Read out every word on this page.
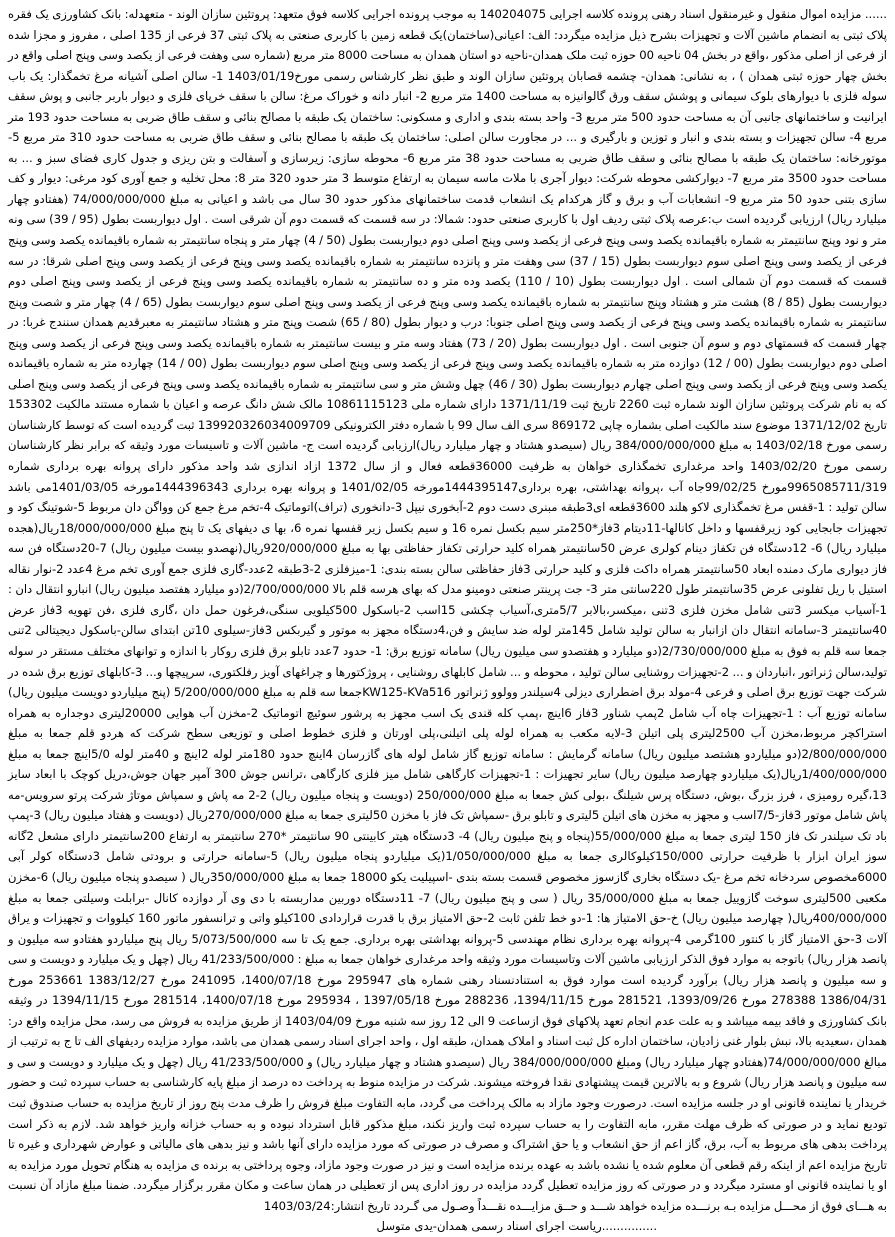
...... مزایده اموال منقول و غیرمنقول اسناد رهنی پرونده کلاسه اجرایی 140204075 به موجب پرونده اجرایی کلاسه فوق متعهد: پروتئین سازان الوند - متعهدله: بانک کشاورزی یک فقره پلاک ثبتی به انضمام ماشین آلات و تجهیزات بشرح ذیل مزایده میگردد: الف: اعیانی(ساختمان)یک قطعه زمین با کاربری صنعتی به پلاک ثبتی 37 فرعی از 135 اصلی ، مفروز و مجزا شده از فرعی از اصلی مذکور ،واقع در بخش 04 ناحیه 00 حوزه ثبت ملک همدان-ناحیه دو استان همدان به مساحت 8000 متر مربع (شماره سی وهفت فرعی از یکصد وسی وپنج اصلی واقع در بخش چهار حوزه ثبتی همدان ) ، به نشانی: همدان- چشمه قصابان پروتئین سازان الوند و طبق نظر کارشناس رسمی مورخ1403/01/19 1- سالن اصلی آشیانه مرغ تخمگذار: یک باب سوله فلزی با دیوارهای بلوک سیمانی و پوشش سقف ورق گالوانیزه به مساحت 1400 متر مربع 2- انبار دانه و خوراک مرغ: سالن با سقف خرپای فلزی و دیوار باربر جانبی و پوش سقف ایرانیت و ساختمانهای جانبی آن به مساحت حدود 500 متر مربع 3- واحد بسته بندی و اداری و مسکونی: ساختمان یک طبقه با مصالح بنائی و سقف طاق ضربی به مساحت حدود 193 متر مربع 4- سالن تجهیزات و بسته بندی و انبار و توزین و بارگیری و ... در مجاورت سالن اصلی: ساختمان یک طبقه با مصالح بنائی و سقف طاق ضربی به مساحت حدود 310 متر مربع 5- موتورخانه: ساختمان یک طبقه با مصالح بنائی و سقف طاق ضربی به مساحت حدود 38 متر مربع 6- محوطه سازی: زیرسازی و آسفالت و بتن ریزی و جدول کاری فضای سبز و ... به مساحت حدود 3500 متر مربع 7- دیوارکشی محوطه شرکت: دیوار آجری با ملات ماسه سیمان به ارتفاع متوسط 3 متر حدود 320 متر 8: محل تخلیه و جمع آوری کود مرغی: دیوار و کف سازی بتنی حدود 50 متر مربع 9- انشعابات آب و برق و گاز هرکدام یک انشعاب قدمت ساختمانهای مذکور حدود 30 سال می باشد و اعیانی به مبلغ 74/000/000/000 (هفتادو چهار میلیارد ریال) ارزیابی گردیده است ب:عرصه پلاک ثبتی ردیف اول با کاربری صنعتی حدود: شمالا: در سه قسمت که قسمت دوم آن شرقی است . اول دیواربست بطول (95 / 39) سی ونه متر و نود وپنج سانتیمتر به شماره باقیمانده یکصد وسی وپنج فرعی از یکصد وسی وپنج اصلی دوم دیواربست بطول (50 / 4) چهار متر و پنجاه سانتیمتر به شماره باقیمانده یکصد وسی وپنج فرعی از یکصد وسی وپنج اصلی سوم دیواربست بطول (15 / 37) سی وهفت متر و پانزده سانتیمتر به شماره باقیمانده یکصد وسی وپنج فرعی از یکصد وسی وپنج اصلی شرقا: در سه قسمت که قسمت دوم آن شمالی است . اول دیواربست بطول (10 / 110) یکصد وده متر و ده سانتیمتر به شماره باقیمانده یکصد وسی وپنج فرعی از یکصد وسی وپنج اصلی دوم دیواربست بطول (85 / 8) هشت متر و هشتاد وپنج سانتیمتر به شماره باقیمانده یکصد وسی وپنج فرعی از یکصد وسی وپنج اصلی سوم دیواربست بطول (65 / 4) چهار متر و شصت وپنج سانتیمتر به شماره باقیمانده یکصد وسی وپنج فرعی از یکصد وسی وپنج اصلی جنوبا: درب و دیوار بطول (80 / 65) شصت وپنج متر و هشتاد سانتیمتر به معبرقدیم همدان سنندج غربا: در چهار قسمت که قسمتهای دوم و سوم آن جنوبی است . اول دیواربست بطول (20 / 73) هفتاد وسه متر و بیست سانتیمتر به شماره باقیمانده یکصد وسی وپنج فرعی از یکصد وسی وپنج اصلی دوم دیواربست بطول (00 / 12) دوازده متر به شماره باقیمانده یکصد وسی وپنج فرعی از یکصد وسی وپنج اصلی سوم دیواربست بطول (00 / 14) چهارده متر به شماره باقیمانده یکصد وسی وپنج فرعی از یکصد وسی وپنج اصلی چهارم دیواربست بطول (30 / 46) چهل وشش متر و سی سانتیمتر به شماره باقیمانده یکصد وسی وپنج فرعی از یکصد وسی وپنج اصلی که به نام شرکت پروتئین سازان الوند شماره ثبت 2260 تاریخ ثبت 1371/11/19 دارای شماره ملی 10861115123 مالک شش دانگ عرصه و اعیان با شماره مستند مالکیت 153302 تاریخ 1371/12/02 موضوع سند مالکیت اصلی بشماره چاپی 869172 سری الف سال 99 با شماره دفتر الکترونیکی 139920326034009709 ثبت گردیده است که توسط کارشناسان رسمی مورخ 1403/02/18 به مبلغ 384/000/000/000 ریال (سیصدو هشتاد و چهار میلیارد ریال)ارزیابی گردیده است ج- ماشین آلات و تاسیسات مورد وثیقه که برابر نظر کارشناسان رسمی مورخ 1403/02/20 واحد مرغداری تخمگذاری خواهان به ظرفیت 36000قطعه فعال و از سال 1372 ازاد اندازی شد واحد مذکور دارای پروانه بهره برداری شماره 9965085711/319مورخ 99/02/25جاه آب ،پروانه بهداشتی، بهره برداری1444395147مورخه 1401/02/05 و پروانه بهره برداری 1444396343مورخه 1401/03/05می باشد سالن تولید : 1-قفس مرغ تخمگذاری لاکو هلند 3600قطعه ای3طبقه مبنری دست دوم 2-آبخوری نیپل 3-دانخوری (تراف)اتوماتیک 4-تخم مرغ جمع کن وواگن دان مربوط 5-شوتینگ کود و تجهیزات جابجایی کود زیرقفسها و داخل کانالها-11دیتام 3فاز*250متر سیم بکسل نمره 16 و سیم بکسل زیر قفسها نمره 6، بها ی دیفهای یک تا پنج مبلغ 18/000/000/000ریال(هجده میلیارد ریال) 6- 12دستگاه فن تکفاز دینام کولری عرض 50سانتیمتر همراه کلید حرارتی تکفاز حفاظتی بها به مبلغ 920/000/000ریال(نهصدو بیست میلیون ریال) 7-20دستگاه فن سه فاز دیواری مارک دمنده ابعاد 50سانتیمتر همراه داکت فلزی و کلید حرارتی 3فاز حفاظتی سالن بسته بندی: 1-میزفلزی 2-3طبقه 2عدد-گاری فلزی جمع آوری تخم مرغ 4عدد 2-نوار نقاله استیل با ریل تفلونی عرض 35سانتیمتر طول 220سانتی متر 3- جت پرینتر صنعتی دومینو مدل که بهای هرسه قلم بالا 2/700/000/000(دو میلیارد هفتصد میلیون ریال) انبارو انتقال دان : 1-آسیاب میکسر 3تنی شامل مخزن فلزی 3تنی ،میکسر،بالابر 5/7متری،آسیاب چکشی 15اسب 2-باسکول 500کیلویی سنگی،فرغون حمل دان ،گاری فلزی ،فن تهویه 3فاز عرض 40سانتیمتر 3-سامانه انتقال دان ازانبار به سالن تولید شامل 145متر لوله ضد سایش و فن،4دستگاه مجهز به موتور و گیربکس 3فاز-سیلوی 10تن ابتدای سالن-باسکول دیجیتالی 2تنی جمعا سه قلم به فوق به مبلغ 2/730/000/000(دو میلیارد و هفتصدو سی میلیون ریال) سامانه توزیع برق: 1- حدود 7عدد تابلو برق فلزی روکار با اندازه و توانهای مختلف مستقر در سوله تولید،سالن ژنراتور ،انباردان و ... 2-تجهیزات روشنایی سالن تولید ، محوطه و ... شامل کابلهای روشنایی ، پروژکتورها و چراغهای آویز رفلکتوری، سرپیچها و... 3-کابلهای توزیع برق شده در شرکت جهت توزیع برق اصلی و فرعی 4-مولد برق اضطراری دیزلی 4سیلندر وولوو ژنراتور KW125-KVa516جمعا سه قلم به مبلغ 5/200/000/000 (پنج میلیاردو دویست میلیون ریال) سامانه توزیع آب : 1-تجهیزات چاه آب شامل 2پمپ شناور 3فاز 6اینچ ،پمپ کله قندی یک اسب مجهز به پرشور سوئیچ اتوماتیک 2-مخزن آب هوایی 20000لیتری دوجداره به همراه استراکچر مربوط،مخزن آب 2500لیتری پلی اتیلن 3-لایه مکعب به همراه لوله پلی اتیلنی،پلی اورتان و فلزی خطوط اصلی و توزیعی سطح شرکت که هردو قلم جمعا به مبلغ 2/800/000/000(دو میلیاردو هشتصد میلیون ریال) سامانه گرمایش : سامانه توزیع گاز شامل لوله های گازرسان 4اینچ حدود 180متر لوله 2اینچ و 40متر لوله 5/0اینچ جمعا به مبلغ 1/400/000/000ریال(یک میلیاردو چهارصد میلیون ریال) سایر تجهیزات : 1-تجهیزات کارگاهی شامل میز فلزی کارگاهی ،ترانس جوش 300 آمپر جهان جوش،دریل کوچک با ابعاد سایز 13،گیره رومیزی ، فرز بزرگ ،بوش، دستگاه پرس شیلنگ ،بولی کش جمعا به مبلغ 250/000/000 (دویست و پنجاه میلیون ریال) 2-2 مه پاش و سمپاش موتاژ شرکت پرتو سرویس-مه پاش شامل موتور 3فاز-7/5اسب و مجهز به مخزن های اتیلن 5لیتری و تابلو برق -سمپاش تک فاز با مخزن 50لیتری جمعا به مبلغ 270/000/000ریال (دویست و هفتاد میلیون ریال) 3-پمپ باد تک سیلندر تک فاز 150 لیتری جمعا به مبلغ 55/000/000(پنجاه و پنج میلیون ریال) 4- 3دستگاه هیتر کابینتی 90 سانتیمتر *270 سانتیمتر به ارتفاع 200سانتیمتر دارای مشعل 2گانه سوز ایران ابزار با ظرفیت حرارتی 150/000کیلوکالری جمعا به مبلغ 1/050/000/000(یک میلیاردو پنجاه میلیون ریال) 5-سامانه حرارتی و برودتی شامل 3دستگاه کولر آبی 6000مخصوص سردخانه تخم مرغ -یک دستگاه بخاری گازسوز مخصوص قسمت بسته بندی -اسپیلیت یکو 18000 جمعا به مبلغ 350/000/000ریال ( سیصدو پنجاه میلیون ریال) 6-مخزن مکعبی 500لیتری سوخت گازوییل جمعا به مبلغ 35/000/000 ریال ( سی و پنج میلیون ریال) 7- 11دستگاه دوربین مداربسته با دی وی آر دوازده کانال -برابلت وسیلتی جمعا به مبلغ 400/000/000ریال( چهارصد میلیون ریال) خ-حق الامتیاز ها: 1-دو خط تلفن ثابت 2-حق الامتیاز برق با قدرت قراردادی 100کیلو واتی و ترانسفور ماتور 160 کیلووات و تجهیزات و یراق آلات 3-حق الامتیاز گاز با کنتور 100گرمی 4-پروانه بهره برداری نظام مهندسی 5-پروانه بهداشتی بهره برداری. جمع یک تا سه 5/073/500/000 ریال پنج میلیاردو هفتادو سه میلیون و پانصد هزار ریال) باتوجه به موارد فوق الذکر ارزیابی ماشین آلات وتاسیسات مورد وثیقه واحد مرغداری خواهان جمعا به مبلغ : 41/233/500/000 ریال (چهل و یک میلیارد و دویست و سی و سه میلیون و پانصد هزار ریال) برآورد گردیده است موارد فوق به استنادنسناد رهنی شماره های 295947 مورخ 1400/07/18، 241095 مورخ 1383/12/27 253661 مورخ 1386/04/31 278388 مورخ 1393/09/26، 281521 مورخ 1394/11/15، 288236 مورخ 1397/05/18 ، 295934 مورخ 1400/07/18، 281514 مورخ 1394/11/15 در وثیقه بانک کشاورزی و فاقد بیمه میباشد و به علت عدم انجام تعهد پلاکهای فوق ازساعت 9 الی 12 روز سه شنبه مورخ 1403/04/09 از طریق مزایده به فروش می رسد، محل مزایده واقع در: همدان ،سعیدیه بالا، نبش بلوار غنی زادیان، ساختمان اداره کل ثبت اسناد و املاک همدان، طبقه اول ، واحد اجرای اسناد رسمی همدان می باشد، موارد مزایده ردیفهای الف تا ج به ترتیب از مبالغ 74/000/000/000(هفتادو چهار میلیارد ریال) ومبلغ 384/000/000/000 ریال (سیصدو هشتاد و چهار میلیارد ریال) و 41/233/500/000 ریال (چهل و یک میلیارد و دویست و سی و سه میلیون و پانصد هزار ریال) شروع و به بالاترین قیمت پیشنهادی نقدا فروخته میشوند. شرکت در مزایده منوط به پرداخت ده درصد از مبلغ پایه کارشناسی به حساب سپرده ثبت و حضور خریدار یا نماینده قانونی او در جلسه مزایده است. درصورت وجود مازاد به مالک پرداخت می گردد، مابه التفاوت مبلغ فروش را ظرف مدت پنج روز از تاریخ مزایده به حساب صندوق ثبت تودیع نماید و در صورتی که ظرف مهلت مقرر، مابه التفاوت را به حساب سپرده ثبت واریز نکند، مبلغ مذکور قابل استرداد نبوده و به حساب خزانه واریز خواهد شد. لازم به ذکر است پرداخت بدهی های مربوط به آب، برق، گاز اعم از حق انشعاب و یا حق اشتراک و مصرف در صورتی که مورد مزایده دارای آنها باشد و نیز بدهی های مالیاتی و عوارض شهرداری و غیره تا تاریخ مزایده اعم از اینکه رقم قطعی آن معلوم شده یا نشده باشد به عهده برنده مزایده است و نیز در صورت وجود مازاد، وجوه پرداختی به برنده ی مزایده به هنگام تحویل مورد مزایده به او یا نماینده قانونی او مسترد میگردد و در صورتی که روز مزایده تعطیل گردد مزایده در روز اداری پس از تعطیلی در همان ساعت و مکان مقرر برگزار میگردد. ضمنا مبلغ مازاد آن نسبت به هـــای فوق از محـــل مزایده بـه برنـــده مزایده خواهد شـــد و حــق مزایـــده نقـــداً وصـول می گـردد تاریخ انتشار:1403/03/24

...............ریاست اجرای اسناد رسمی همدان-یدی متوسل
